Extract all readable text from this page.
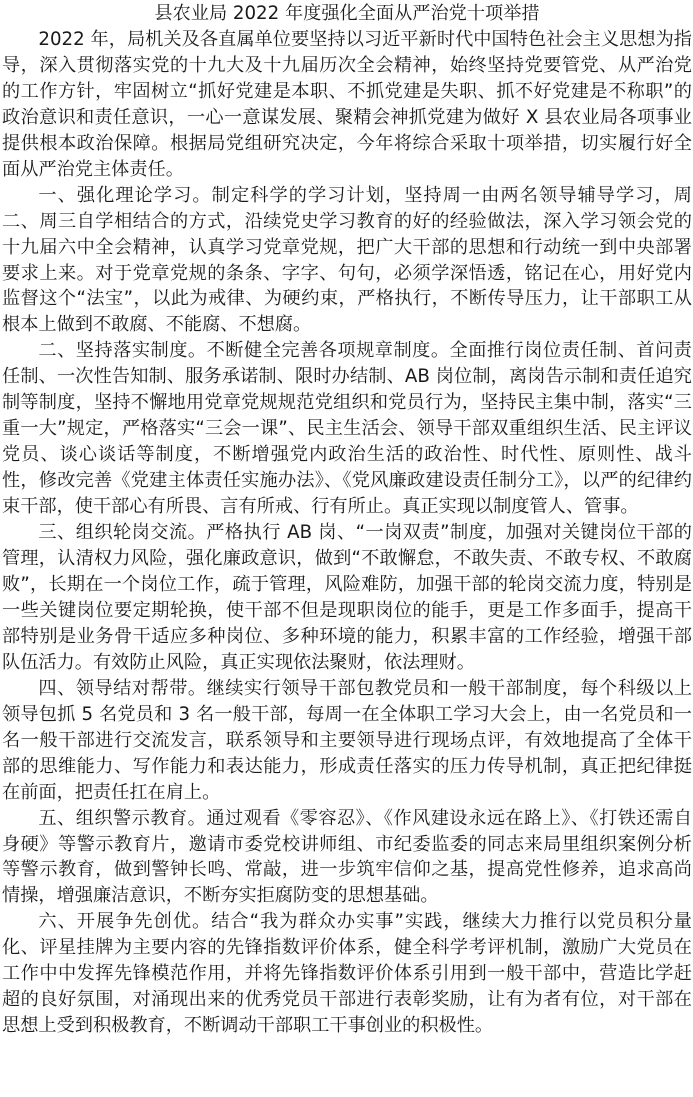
县农业局 2022 年度强化全面从严治党十项举措

2022 年，局机关及各直属单位要坚持以习近平新时代中国特色社会主义思想为指导，深入贯彻落实党的十九大及十九届历次全会精神，始终坚持党要管党、从严治党的工作方针，牢固树立“抓好党建是本职、不抓党建是失职、抓不好党建是不称职”的政治意识和责任意识，一心一意谋发展、聚精会神抓党建为做好 X 县农业局各项事业提供根本政治保障。根据局党组研究决定，今年将综合采取十项举措，切实履行好全面从严治党主体责任。

一、强化理论学习。制定科学的学习计划，坚持周一由两名领导辅导学习，周二、周三自学相结合的方式，沿续党史学习教育的好的经验做法，深入学习领会党的十九届六中全会精神，认真学习党章党规，把广大干部的思想和行动统一到中央部署要求上来。对于党章党规的条条、字字、句句，必须学深悟透，铭记在心，用好党内监督这个“法宝”，以此为戒律、为硬约束，严格执行，不断传导压力，让干部职工从根本上做到不敢腐、不能腐、不想腐。

二、坚持落实制度。不断健全完善各项规章制度。全面推行岗位责任制、首问责任制、一次性告知制、服务承诺制、限时办结制、AB 岗位制，离岗告示制和责任追究制等制度，坚持不懈地用党章党规规范党组织和党员行为，坚持民主集中制，落实“三重一大”规定，严格落实“三会一课”、民主生活会、领导干部双重组织生活、民主评议党员、谈心谈话等制度，不断增强党内政治生活的政治性、时代性、原则性、战斗性，修改完善《党建主体责任实施办法》、《党风廉政建设责任制分工》，以严的纪律约束干部，使干部心有所畏、言有所戒、行有所止。真正实现以制度管人、管事。

三、组织轮岗交流。严格执行 AB 岗、“一岗双责”制度，加强对关键岗位干部的管理，认清权力风险，强化廉政意识，做到“不敢懈怠，不敢失责、不敢专权、不敢腐败”，长期在一个岗位工作，疏于管理，风险难防，加强干部的轮岗交流力度，特别是一些关键岗位要定期轮换，使干部不但是现职岗位的能手，更是工作多面手，提高干部特别是业务骨干适应多种岗位、多种环境的能力，积累丰富的工作经验，增强干部队伍活力。有效防止风险，真正实现依法聚财，依法理财。

四、领导结对帮带。继续实行领导干部包教党员和一般干部制度，每个科级以上领导包抓 5 名党员和 3 名一般干部，每周一在全体职工学习大会上，由一名党员和一名一般干部进行交流发言，联系领导和主要领导进行现场点评，有效地提高了全体干部的思维能力、写作能力和表达能力，形成责任落实的压力传导机制，真正把纪律挺在前面，把责任扛在肩上。

五、组织警示教育。通过观看《零容忍》、《作风建设永远在路上》、《打铁还需自身硬》等警示教育片，邀请市委党校讲师组、市纪委监委的同志来局里组织案例分析等警示教育，做到警钟长鸣、常敲，进一步筑牢信仰之基，提高党性修养，追求高尚情操，增强廉洁意识，不断夯实拒腐防变的思想基础。

六、开展争先创优。结合“我为群众办实事”实践，继续大力推行以党员积分量化、评星挂牌为主要内容的先锋指数评价体系，健全科学考评机制，激励广大党员在工作中中发挥先锋模范作用，并将先锋指数评价体系引用到一般干部中，营造比学赶超的良好氛围，对涌现出来的优秀党员干部进行表彰奖励，让有为者有位，对干部在思想上受到积极教育，不断调动干部职工干事创业的积极性。
